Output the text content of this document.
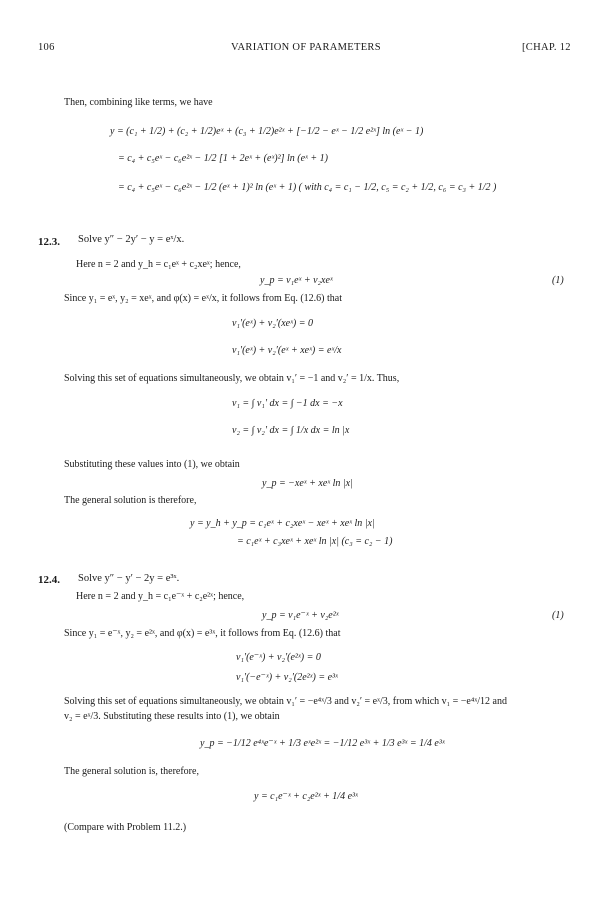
106	VARIATION OF PARAMETERS	[CHAP. 12
Then, combining like terms, we have
y = (c₁ + 1/2) + (c₂ + 1/2)eˣ + (c₃ + 1/2)e²ˣ + [−1/2 − eˣ − 1/2 e²ˣ] ln (eˣ − 1)
= c₄ + c₅eˣ − c₆e²ˣ − 1/2 [1 + 2eˣ + (eˣ)²] ln (eˣ + 1)
= c₄ + c₅eˣ − c₆e²ˣ − 1/2 (eˣ + 1)² ln (eˣ + 1) ( with c₄ = c₁ − 1/2, c₅ = c₂ + 1/2, c₆ = c₃ + 1/2 )
12.3. Solve y″ − 2y′ − y = eˣ/x.
Here n = 2 and y_h = c₁eˣ + c₂xeˣ; hence,
y_p = v₁eˣ + v₂xeˣ	(1)
Since y₁ = eˣ, y₂ = xeˣ, and φ(x) = eˣ/x, it follows from Eq. (12.6) that
v₁′(eˣ) + v₂′(xeˣ) = 0
v₁′(eˣ) + v₂′(eˣ + xeˣ) = eˣ/x
Solving this set of equations simultaneously, we obtain v₁′ = −1 and v₂′ = 1/x. Thus,
v₁ = ∫ v₁′ dx = ∫ −1 dx = −x
v₂ = ∫ v₂′ dx = ∫ 1/x dx = ln |x
Substituting these values into (1), we obtain
y_p = −xeˣ + xeˣ ln |x|
The general solution is therefore,
y = y_h + y_p = c₁eˣ + c₂xeˣ − xeˣ + xeˣ ln |x|
= c₁eˣ + c₃xeˣ + xeˣ ln |x| (c₃ = c₂ − 1)
12.4. Solve y″ − y′ − 2y = e³ˣ.
Here n = 2 and y_h = c₁e⁻ˣ + c₂e²ˣ; hence,
y_p = v₁e⁻ˣ + v₂e²ˣ	(1)
Since y₁ = e⁻ˣ, y₂ = e²ˣ, and φ(x) = e³ˣ, it follows from Eq. (12.6) that
v₁′(e⁻ˣ) + v₂′(e²ˣ) = 0
v₁′(−e⁻ˣ) + v₂′(2e²ˣ) = e³ˣ
Solving this set of equations simultaneously, we obtain v₁′ = −e⁴ˣ/3 and v₂′ = eˣ/3, from which v₁ = −e⁴ˣ/12 and
v₂ = eˣ/3. Substituting these results into (1), we obtain
y_p = −1/12 e⁴ˣe⁻ˣ + 1/3 eˣe²ˣ = −1/12 e³ˣ + 1/3 e³ˣ = 1/4 e³ˣ
The general solution is, therefore,
y = c₁e⁻ˣ + c₂e²ˣ + 1/4 e³ˣ
(Compare with Problem 11.2.)
